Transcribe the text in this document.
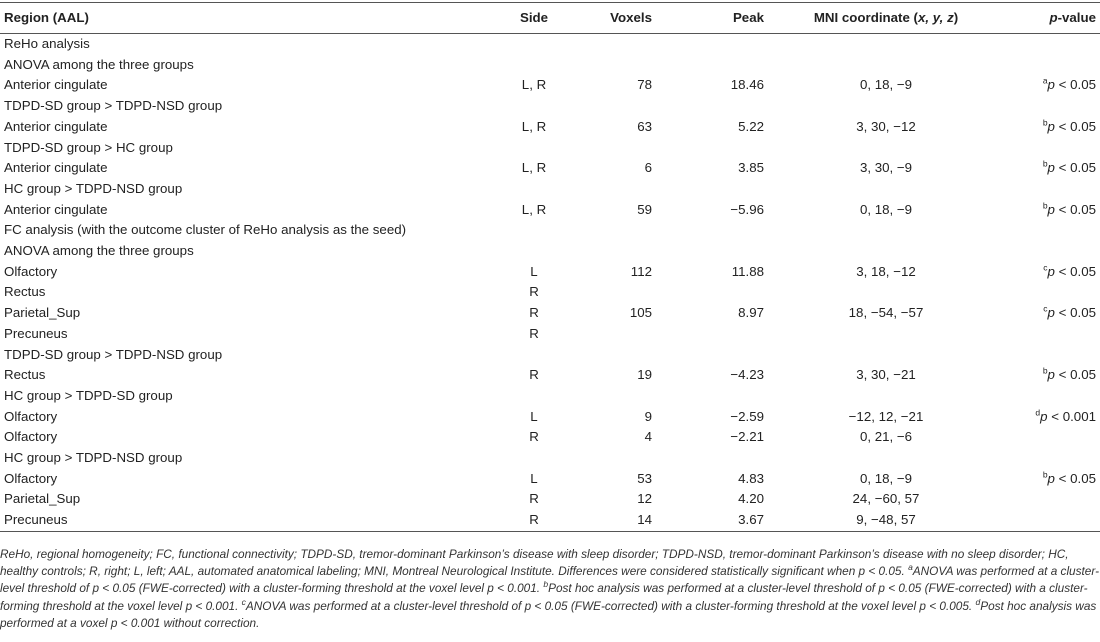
Region (AAL)	Side	Voxels	Peak	MNI coordinate (x, y, z)	p-value
ReHo analysis					
ANOVA among the three groups					
Anterior cingulate	L, R	78	18.46	0, 18, −9	$^a$p < 0.05
TDPD-SD group > TDPD-NSD group					
Anterior cingulate	L, R	63	5.22	3, 30, −12	$^b$p < 0.05
TDPD-SD group > HC group					
Anterior cingulate	L, R	6	3.85	3, 30, −9	$^b$p < 0.05
HC group > TDPD-NSD group					
Anterior cingulate	L, R	59	−5.96	0, 18, −9	$^b$p < 0.05
FC analysis (with the outcome cluster of ReHo analysis as the seed)					
ANOVA among the three groups					
Olfactory	L	112	11.88	3, 18, −12	$^c$p < 0.05
Rectus	R				
Parietal_Sup	R	105	8.97	18, −54, −57	$^c$p < 0.05
Precuneus	R				
TDPD-SD group > TDPD-NSD group					
Rectus	R	19	−4.23	3, 30, −21	$^b$p < 0.05
HC group > TDPD-SD group					
Olfactory	L	9	−2.59	−12, 12, −21	$^d$p < 0.001
Olfactory	R	4	−2.21	0, 21, −6	
HC group > TDPD-NSD group					
Olfactory	L	53	4.83	0, 18, −9	$^b$p < 0.05
Parietal_Sup	R	12	4.20	24, −60, 57	
Precuneus	R	14	3.67	9, −48, 57	
ReHo, regional homogeneity; FC, functional connectivity; TDPD-SD, tremor-dominant Parkinson’s disease with sleep disorder; TDPD-NSD, tremor-dominant Parkinson’s disease with no sleep disorder; HC, healthy controls; R, right; L, left; AAL, automated anatomical labeling; MNI, Montreal Neurological Institute. Differences were considered statistically significant when p < 0.05. $^a$ANOVA was performed at a cluster-level threshold of p < 0.05 (FWE-corrected) with a cluster-forming threshold at the voxel level p < 0.001. $^b$Post hoc analysis was performed at a cluster-level threshold of p < 0.05 (FWE-corrected) with a cluster-forming threshold at the voxel level p < 0.001. $^c$ANOVA was performed at a cluster-level threshold of p < 0.05 (FWE-corrected) with a cluster-forming threshold at the voxel level p < 0.005. $^d$Post hoc analysis was performed at a voxel p < 0.001 without correction.
